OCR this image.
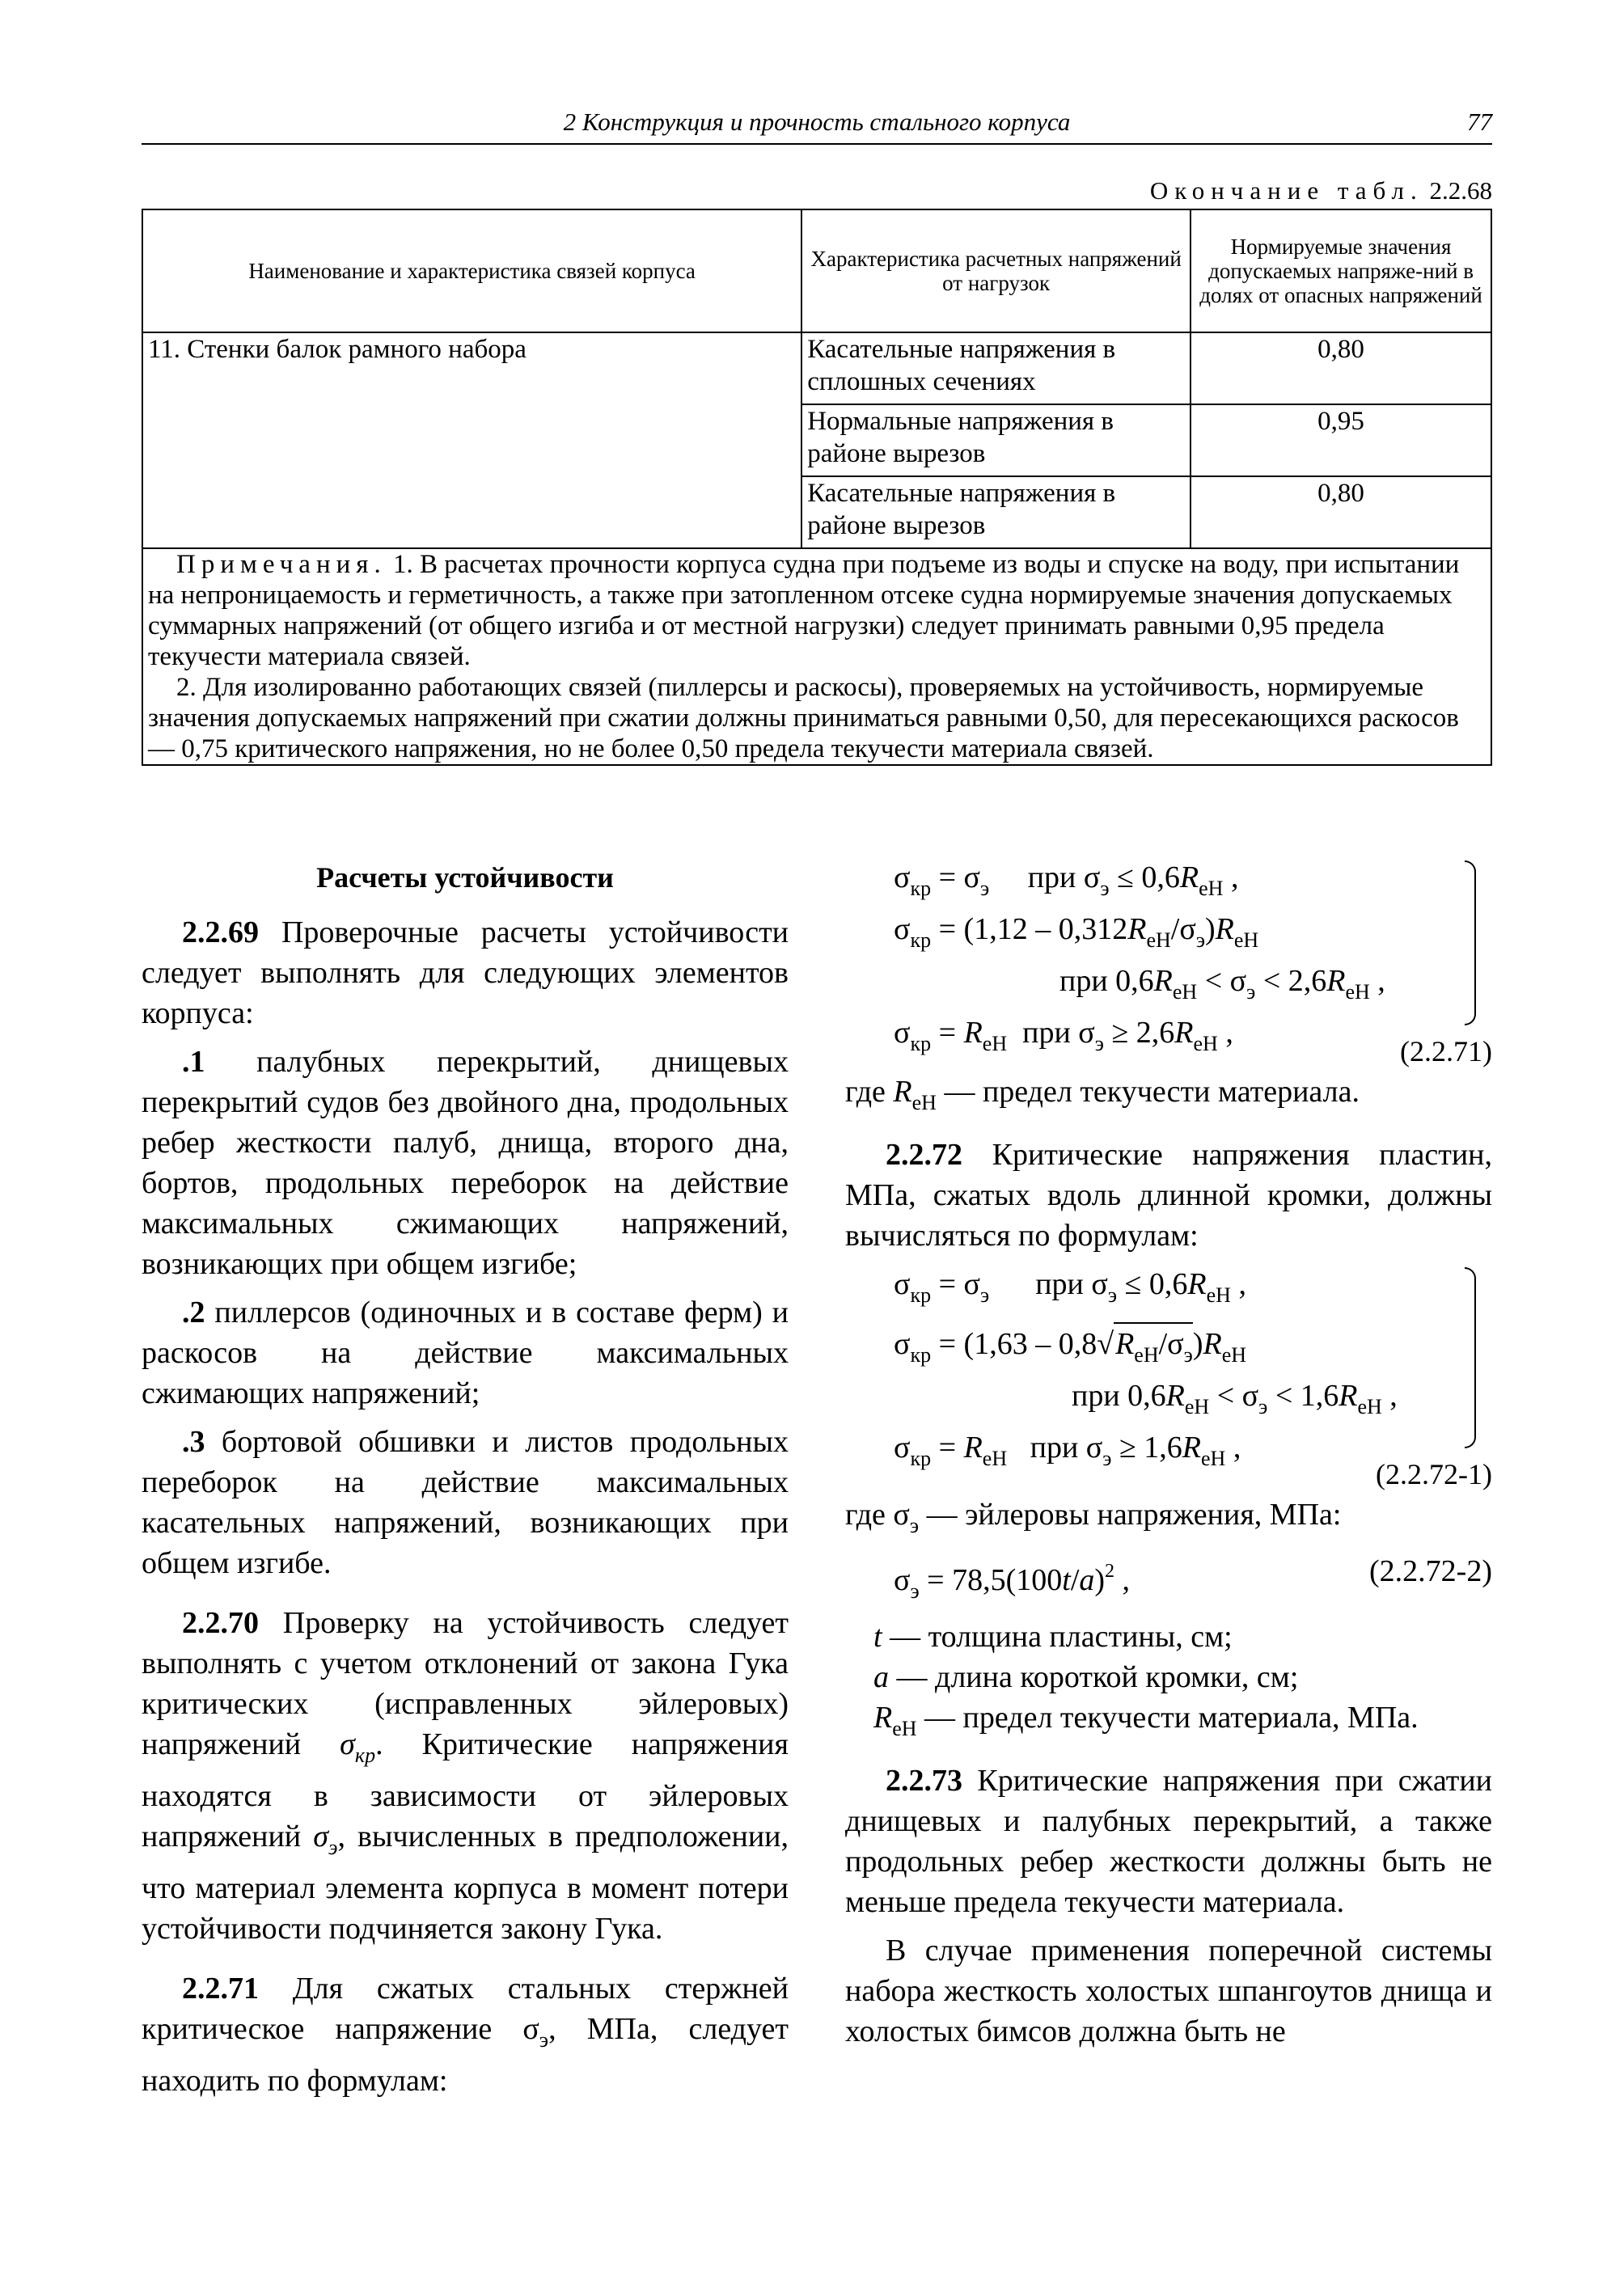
2 Конструкция и прочность стального корпуса	77
Окончание табл. 2.2.68
Наименование и характеристика связей корпуса	Характеристика расчетных напряжений от нагрузок	Нормируемые значения допускаемых напряже-ний в долях от опасных напряжений
11. Стенки балок рамного набора	Касательные напряжения в сплошных сечениях	0,80
	Нормальные напряжения в районе вырезов	0,95
	Касательные напряжения в районе вырезов	0,80

Примечания. 1. В расчетах прочности корпуса судна при подъеме из воды и спуске на воду, при испытании на непроницаемость и герметичность, а также при затопленном отсеке судна нормируемые значения допускаемых суммарных напряжений (от общего изгиба и от местной нагрузки) следует принимать равными 0,95 предела текучести материала связей.

2. Для изолированно работающих связей (пиллерсы и раскосы), проверяемых на устойчивость, нормируемые значения допускаемых напряжений при сжатии должны приниматься равными 0,50, для пересекающихся раскосов — 0,75 критического напряжения, но не более 0,50 предела текучести материала связей.		

Расчеты устойчивости

2.2.69 Проверочные расчеты устойчивости следует выполнять для следующих элементов корпуса:

.1 палубных перекрытий, днищевых перекрытий судов без двойного дна, продольных ребер жесткости палуб, днища, второго дна, бортов, продольных переборок на действие максимальных сжимающих напряжений, возникающих при общем изгибе;

.2 пиллерсов (одиночных и в составе ферм) и раскосов на действие максимальных сжимающих напряжений;

.3 бортовой обшивки и листов продольных переборок на действие максимальных касательных напряжений, возникающих при общем изгибе.

2.2.70 Проверку на устойчивость следует выполнять с учетом отклонений от закона Гука критических (исправленных эйлеровых) напряжений $\sigma_{кр}$. Критические напряжения находятся в зависимости от эйлеровых напряжений $\sigma_э$, вычисленных в предположении, что материал элемента корпуса в момент потери устойчивости подчиняется закону Гука.

2.2.71 Для сжатых стальных стержней критическое напряжение $\sigma_э$, МПа, следует находить по формулам:

$\sigma_{кр} = \sigma_э$     при $\sigma_э \le 0,6R_{eH}$ ,
$\sigma_{кр} = (1,12 - 0,312R_{eH}/\sigma_э)R_{eH}$
при $0,6R_{eH} < \sigma_э < 2,6R_{eH}$ ,
$\sigma_{кр} = R_{eH}$  при $\sigma_э \ge 2,6R_{eH}$ ,
(2.2.71)

где $R_{eH}$ — предел текучести материала.

2.2.72 Критические напряжения пластин, МПа, сжатых вдоль длинной кромки, должны вычисляться по формулам:

$\sigma_{кр} = \sigma_э$      при $\sigma_э \le 0,6R_{eH}$ ,
$\sigma_{кр} = (1,63 - 0,8√R_{eH}/\sigma_э)R_{eH}$
при $0,6R_{eH} < \sigma_э < 1,6R_{eH}$ ,
$\sigma_{кр} = R_{eH}$   при $\sigma_э \ge 1,6R_{eH}$ ,
(2.2.72-1)

где $\sigma_э$ — эйлеровы напряжения, МПа:

$\sigma_э = 78,5(100t/a)^2$ ,	(2.2.72-2)

t — толщина пластины, см;

a — длина короткой кромки, см;

$R_{eH}$ — предел текучести материала, МПа.

2.2.73 Критические напряжения при сжатии днищевых и палубных перекрытий, а также продольных ребер жесткости должны быть не меньше предела текучести материала.

В случае применения поперечной системы набора жесткость холостых шпангоутов днища и холостых бимсов должна быть не
